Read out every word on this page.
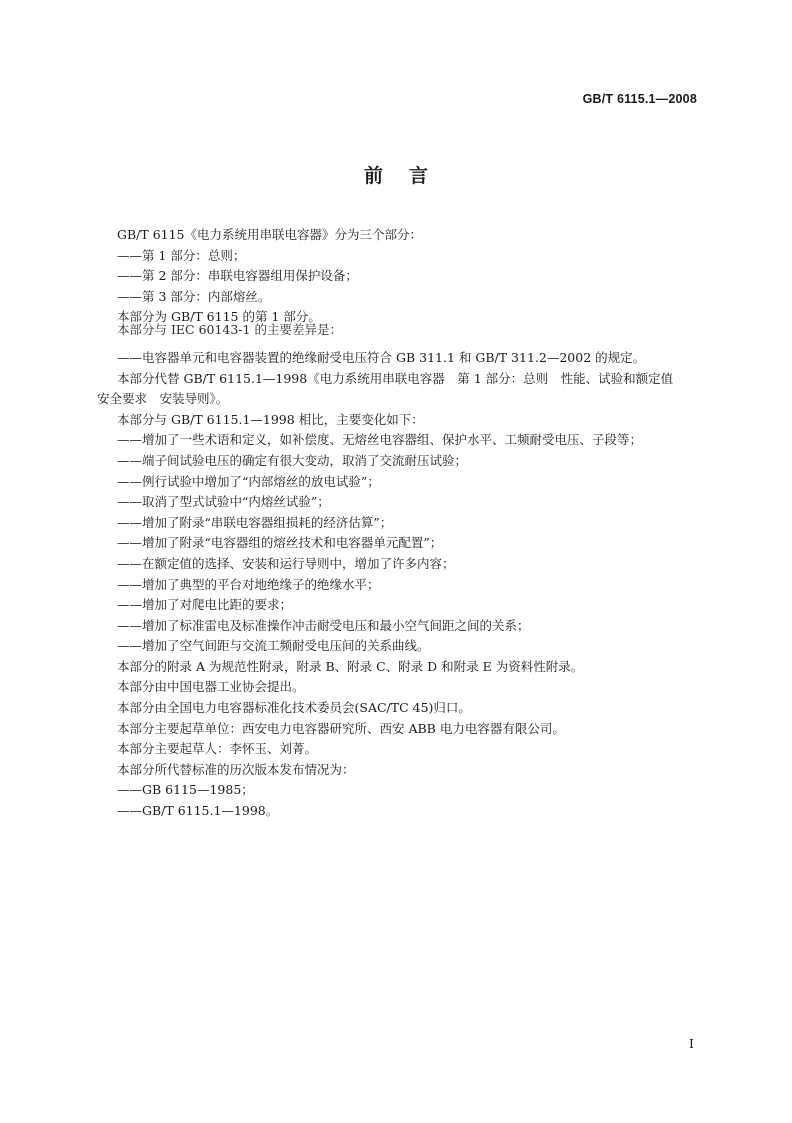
GB/T 6115.1—2008
前言

GB/T 6115《电力系统用串联电容器》分为三个部分：

——第 1 部分：总则；

——第 2 部分：串联电容器组用保护设备；

——第 3 部分：内部熔丝。

本部分为 GB/T 6115 的第 1 部分。

本部分与 IEC 60143-1 的主要差异是：

——电容器单元和电容器装置的绝缘耐受电压符合 GB 311.1 和 GB/T 311.2—2002 的规定。

本部分代替 GB/T 6115.1—1998《电力系统用串联电容器　第 1 部分：总则　性能、试验和额定值

安全要求　安装导则》。

本部分与 GB/T 6115.1—1998 相比，主要变化如下：

——增加了一些术语和定义，如补偿度、无熔丝电容器组、保护水平、工频耐受电压、子段等；

——端子间试验电压的确定有很大变动，取消了交流耐压试验；

——例行试验中增加了“内部熔丝的放电试验”；

——取消了型式试验中“内熔丝试验”；

——增加了附录“串联电容器组损耗的经济估算”；

——增加了附录“电容器组的熔丝技术和电容器单元配置”；

——在额定值的选择、安装和运行导则中，增加了许多内容；

——增加了典型的平台对地绝缘子的绝缘水平；

——增加了对爬电比距的要求；

——增加了标准雷电及标准操作冲击耐受电压和最小空气间距之间的关系；

——增加了空气间距与交流工频耐受电压间的关系曲线。

本部分的附录 A 为规范性附录，附录 B、附录 C、附录 D 和附录 E 为资料性附录。

本部分由中国电器工业协会提出。

本部分由全国电力电容器标准化技术委员会(SAC/TC 45)归口。

本部分主要起草单位：西安电力电容器研究所、西安 ABB 电力电容器有限公司。

本部分主要起草人：李怀玉、刘菁。

本部分所代替标准的历次版本发布情况为：

——GB 6115—1985；

——GB/T 6115.1—1998。

I
